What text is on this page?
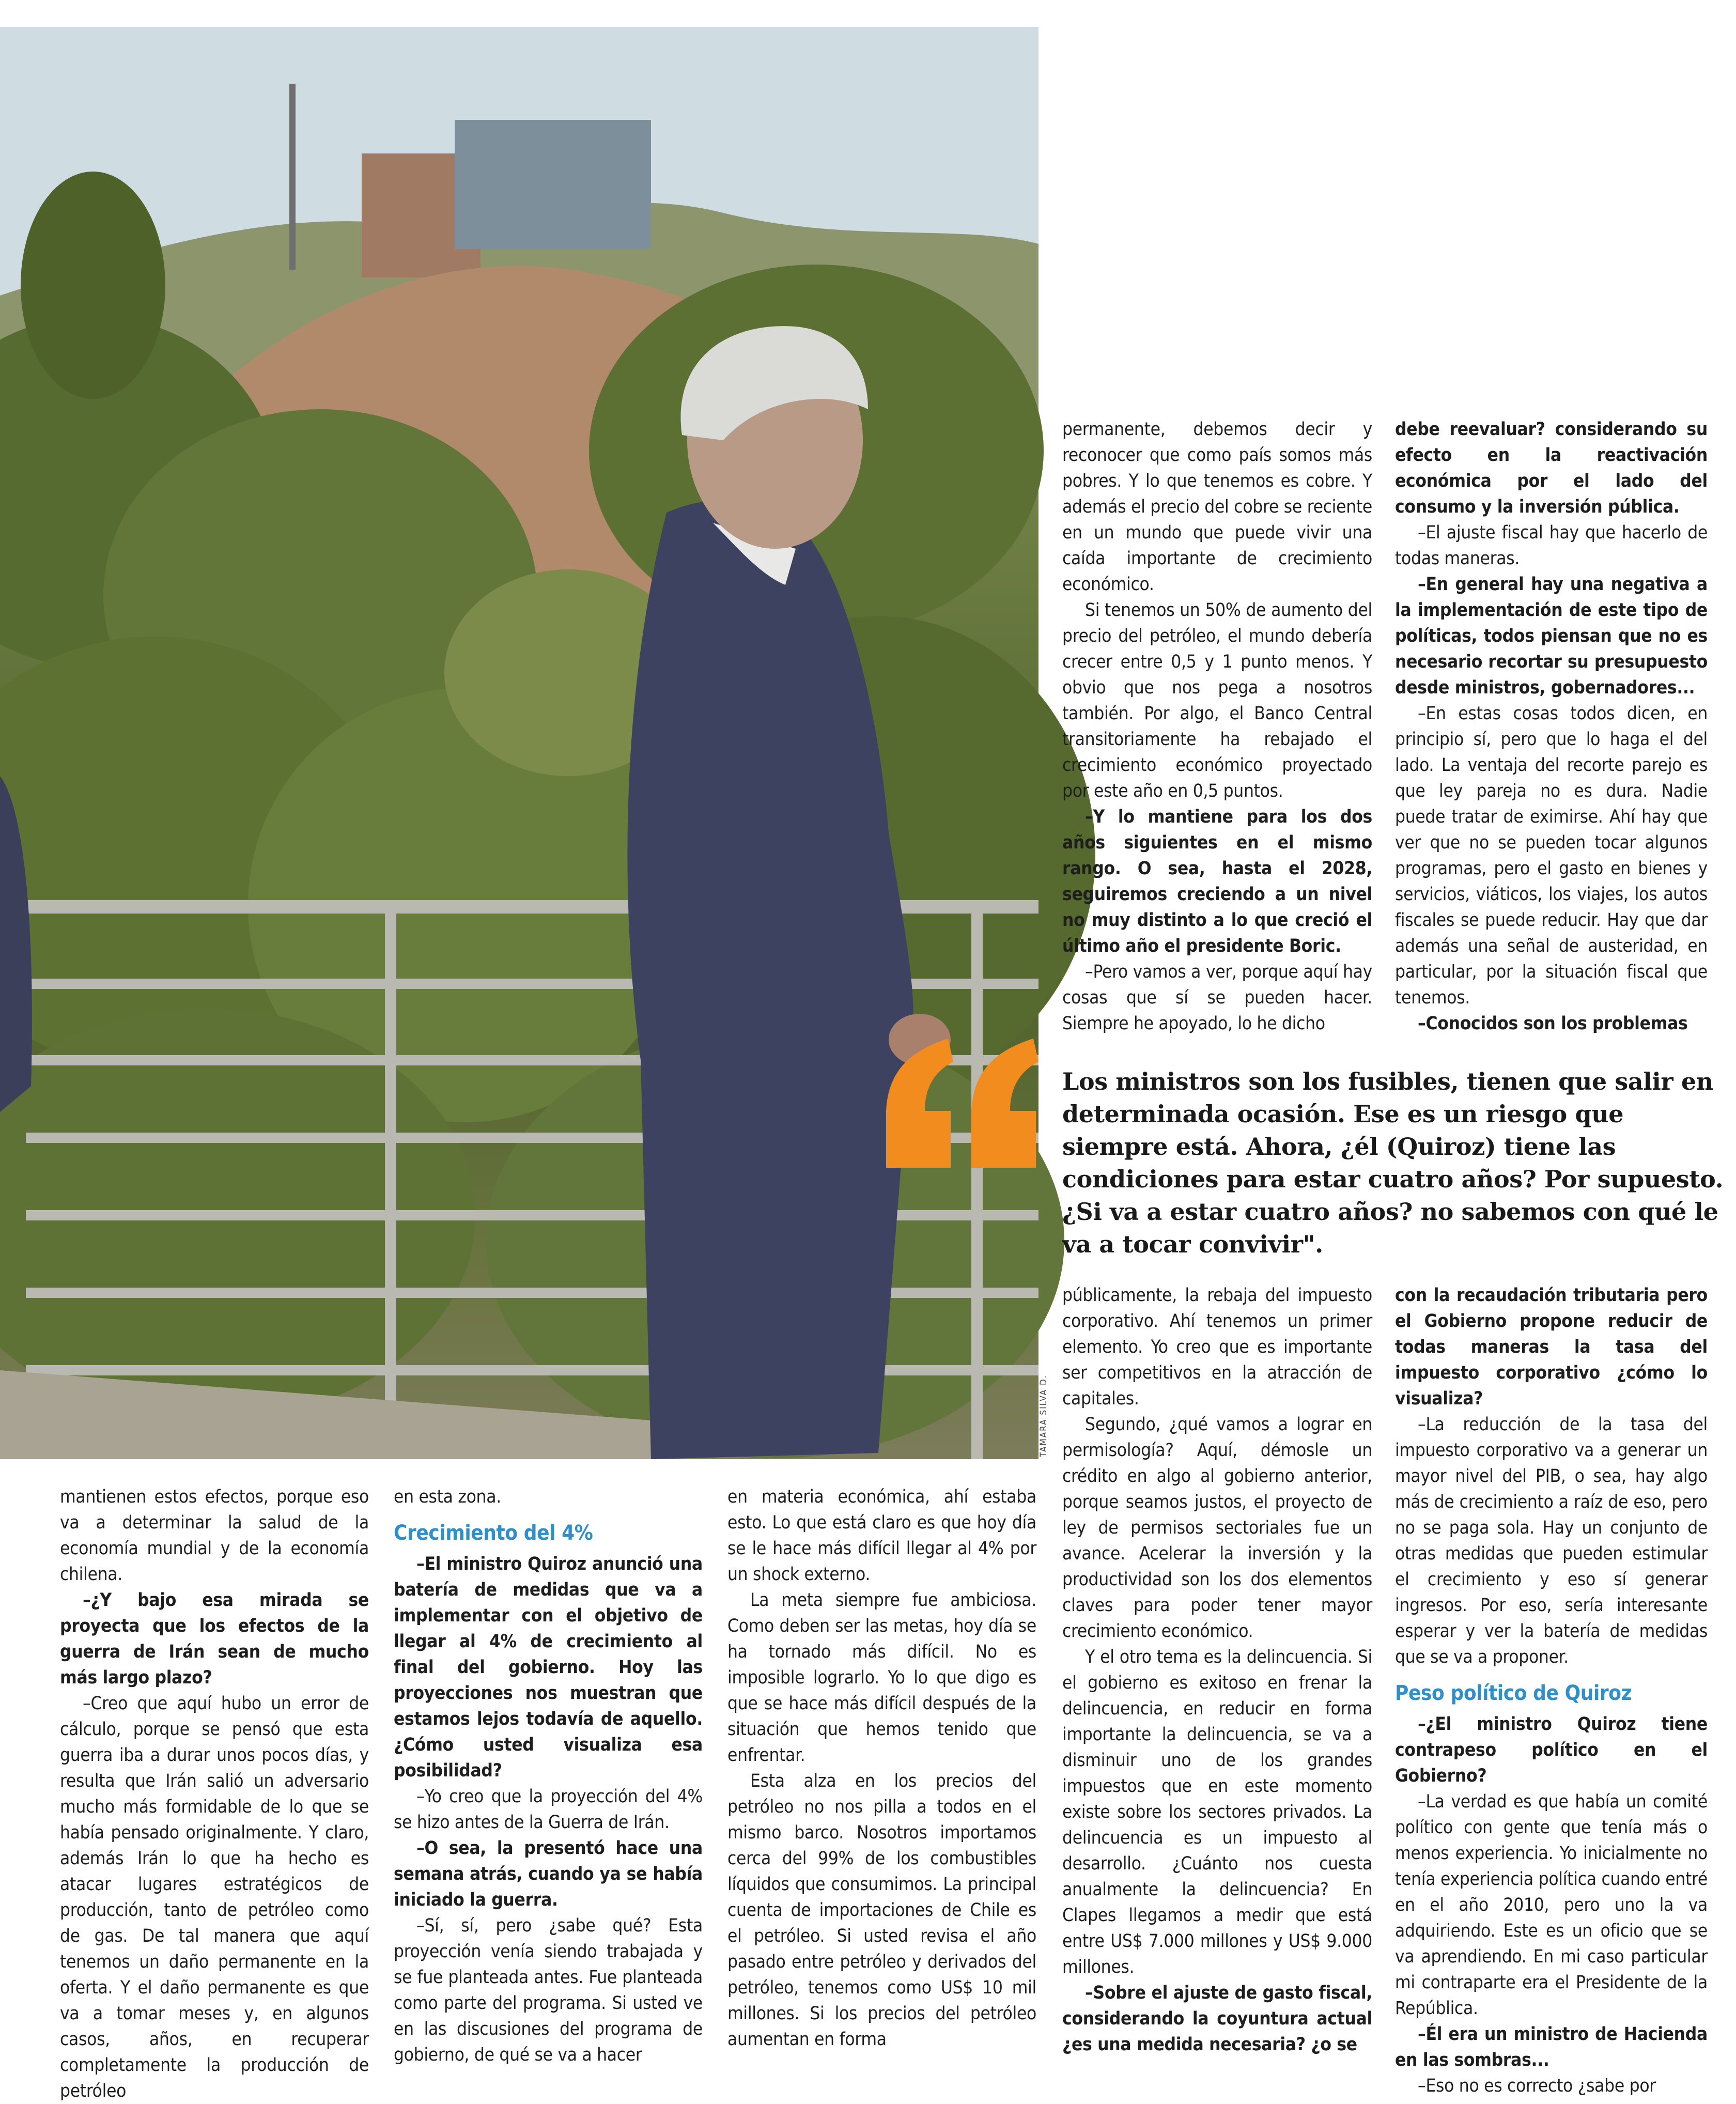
TAMARA SILVA D.

permanente, debemos decir y reconocer que como país somos más pobres. Y lo que tenemos es cobre. Y además el precio del cobre se reciente en un mundo que puede vivir una caída importante de crecimiento económico.

Si tenemos un 50% de aumento del precio del petróleo, el mundo debería crecer entre 0,5 y 1 punto menos. Y obvio que nos pega a nosotros también. Por algo, el Banco Central transitoriamente ha rebajado el crecimiento económico proyectado por este año en 0,5 puntos.

–Y lo mantiene para los dos años siguientes en el mismo rango. O sea, hasta el 2028, seguiremos creciendo a un nivel no muy distinto a lo que creció el último año el presidente Boric.

–Pero vamos a ver, porque aquí hay cosas que sí se pueden hacer. Siempre he apoyado, lo he dicho

debe reevaluar? considerando su efecto en la reactivación económica por el lado del consumo y la inversión pública.

–El ajuste fiscal hay que hacerlo de todas maneras.

–En general hay una negativa a la implementación de este tipo de políticas, todos piensan que no es necesario recortar su presupuesto desde ministros, gobernadores...

–En estas cosas todos dicen, en principio sí, pero que lo haga el del lado. La ventaja del recorte parejo es que ley pareja no es dura. Nadie puede tratar de eximirse. Ahí hay que ver que no se pueden tocar algunos programas, pero el gasto en bienes y servicios, viáticos, los viajes, los autos fiscales se puede reducir. Hay que dar además una señal de austeridad, en particular, por la situación fiscal que tenemos.

–Conocidos son los problemas

Los ministros son los fusibles, tienen que salir en determinada ocasión. Ese es un riesgo que siempre está. Ahora, ¿él (Quiroz) tiene las condiciones para estar cuatro años? Por supuesto. ¿Si va a estar cuatro años? no sabemos con qué le va a tocar convivir".

públicamente, la rebaja del impuesto corporativo. Ahí tenemos un primer elemento. Yo creo que es importante ser competitivos en la atracción de capitales.

Segundo, ¿qué vamos a lograr en permisología? Aquí, démosle un crédito en algo al gobierno anterior, porque seamos justos, el proyecto de ley de permisos sectoriales fue un avance. Acelerar la inversión y la productividad son los dos elementos claves para poder tener mayor crecimiento económico.

Y el otro tema es la delincuencia. Si el gobierno es exitoso en frenar la delincuencia, en reducir en forma importante la delincuencia, se va a disminuir uno de los grandes impuestos que en este momento existe sobre los sectores privados. La delincuencia es un impuesto al desarrollo. ¿Cuánto nos cuesta anualmente la delincuencia? En Clapes llegamos a medir que está entre US$ 7.000 millones y US$ 9.000 millones.

–Sobre el ajuste de gasto fiscal, considerando la coyuntura actual ¿es una medida necesaria? ¿o se

con la recaudación tributaria pero el Gobierno propone reducir de todas maneras la tasa del impuesto corporativo ¿cómo lo visualiza?

–La reducción de la tasa del impuesto corporativo va a generar un mayor nivel del PIB, o sea, hay algo más de crecimiento a raíz de eso, pero no se paga sola. Hay un conjunto de otras medidas que pueden estimular el crecimiento y eso sí generar ingresos. Por eso, sería interesante esperar y ver la batería de medidas que se va a proponer.

Peso político de Quiroz

–¿El ministro Quiroz tiene contrapeso político en el Gobierno?

–La verdad es que había un comité político con gente que tenía más o menos experiencia. Yo inicialmente no tenía experiencia política cuando entré en el año 2010, pero uno la va adquiriendo. Este es un oficio que se va aprendiendo. En mi caso particular mi contraparte era el Presidente de la República.

–Él era un ministro de Hacienda en las sombras...

–Eso no es correcto ¿sabe por

mantienen estos efectos, porque eso va a determinar la salud de la economía mundial y de la economía chilena.

–¿Y bajo esa mirada se proyecta que los efectos de la guerra de Irán sean de mucho más largo plazo?

–Creo que aquí hubo un error de cálculo, porque se pensó que esta guerra iba a durar unos pocos días, y resulta que Irán salió un adversario mucho más formidable de lo que se había pensado originalmente. Y claro, además Irán lo que ha hecho es atacar lugares estratégicos de producción, tanto de petróleo como de gas. De tal manera que aquí tenemos un daño permanente en la oferta. Y el daño permanente es que va a tomar meses y, en algunos casos, años, en recuperar completamente la producción de petróleo

en esta zona.

Crecimiento del 4%

–El ministro Quiroz anunció una batería de medidas que va a implementar con el objetivo de llegar al 4% de crecimiento al final del gobierno. Hoy las proyecciones nos muestran que estamos lejos todavía de aquello. ¿Cómo usted visualiza esa posibilidad?

–Yo creo que la proyección del 4% se hizo antes de la Guerra de Irán.

–O sea, la presentó hace una semana atrás, cuando ya se había iniciado la guerra.

–Sí, sí, pero ¿sabe qué? Esta proyección venía siendo trabajada y se fue planteada antes. Fue planteada como parte del programa. Si usted ve en las discusiones del programa de gobierno, de qué se va a hacer

en materia económica, ahí estaba esto. Lo que está claro es que hoy día se le hace más difícil llegar al 4% por un shock externo.

La meta siempre fue ambiciosa. Como deben ser las metas, hoy día se ha tornado más difícil. No es imposible lograrlo. Yo lo que digo es que se hace más difícil después de la situación que hemos tenido que enfrentar.

Esta alza en los precios del petróleo no nos pilla a todos en el mismo barco. Nosotros importamos cerca del 99% de los combustibles líquidos que consumimos. La principal cuenta de importaciones de Chile es el petróleo. Si usted revisa el año pasado entre petróleo y derivados del petróleo, tenemos como US$ 10 mil millones. Si los precios del petróleo aumentan en forma
